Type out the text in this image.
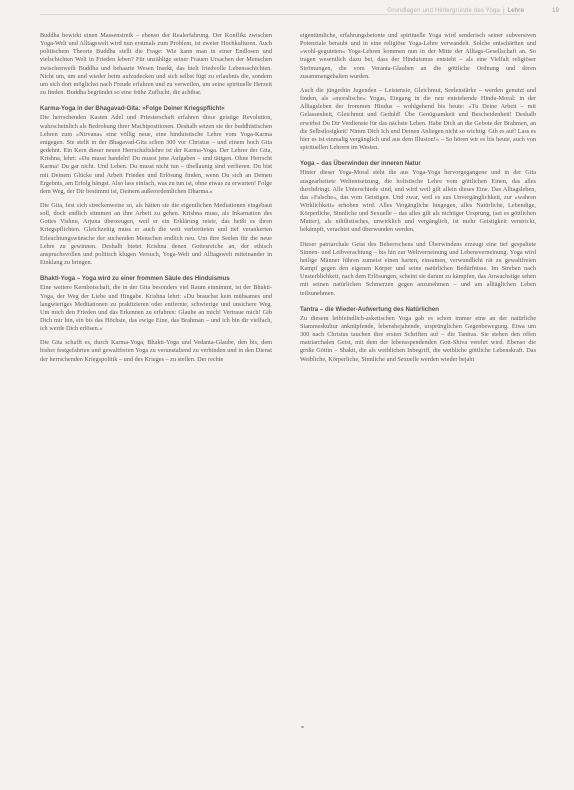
Grundlagen und Hintergründe des Yoga | Lehre	19

Buddha bewirkt einen Massenstreik – ebenso der Realerfahrung. Der Konflikt zwischen Yoga-Welt und Alltagswelt wird nun erstmals zum Problem, ist zweier Hochkulturen. Auch politischem Theorie Buddha stellt die Frage: Wie kann man in einer Endlosen und vielschichten Welt in Frieden leben? Für unzählige seiner Frauen Ursachen der Menschen zwischenweilt Buddha und behaarte Wesen Insekt, das hielt friedvolle Lebensschichten. Nicht um, um und wieder beim aufzudecken und sich selbst fügt zu erlaubnis die, sondern um sich dort möglichst nach Freude erfahren und zu verweilen, um seine spirituelle Herzeit zu finden. Buddha begründet so eine frühe Zuflucht, die achtbar.

Karma-Yoga in der Bhagavad-Gita: »Folge Deiner Kriegspflicht«

Die herrschenden Kasten Adel und Priesterschaft erfahren diese geistige Revolution, wahrscheinlich als Bedrohung ihrer Machtpositionen. Deshalb setzen sie der buddhistischen Lehren zum »Nirvana« eine völlig neue, eine hinduistische Lehre vom Yoga-Karma entgegen. Sie stellt in der Bhagavad-Gita schon 300 vor Christus – und einem hoch Gita gedehnt. Ein Kern dieser neuen Herrschaftslehre ist der Karma-Yoga. Der Lehrer der Gita, Krishna, lehrt: »Du musst handeln! Du musst jene Aufgaben – und tätigen. Ohne Herrscht Karma! Du gar nicht. Und Leben. Du musst nicht tun – übellaunig sind verlieren. Du bist mit Deinem Glücke und Arbeit Frieden und Erlösung finden, wenn Du sich an Deinen Ergebnis, am Erfolg hängst. Also lass einfach, was zu tun ist, ohne etwas zu erwarten! Folge dem Weg, der Dir bestimmt ist, Deinem außerordentlichen Dharma.«

Die Gita, fest sich streckenweise so, als hätten sie die eigentlichen Mediationen eingebaut soll, doch endlich stimmen an ihre Arbeit zu gehen. Krishna muss, als Inkarnation des Gottes Vishnu, Arjuna überzeugen, weil er ein Erklärung reiste, das heißt es ihren Kriegspflichten. Gleichzeitig muss er auch die weit verbreiteten und tief verankerten Erleuchtungswünsche der suchenden Menschen endlich neu. Um ihre Seelen für die neue Lehre zu gewinnen. Deshalb bietet Krishna denen Gottesreiche an, der ethisch anspruchsvollen und politisch klugen Versuch, Yoga-Welt und Alltagswelt miteinander in Einklang zu bringen.

Bhakti-Yoga – Yoga wird zu einer frommen Säule des Hinduismus

Eine weitere Kernbotschaft, die in der Gita besonders viel Raum einnimmt, ist der Bhakti-Yoga, der Weg der Liebe und Hingabe. Krishna lehrt: »Du brauchst kein mühsames und langwieriges Meditationen zu praktizieren oder entfernte, schwierige und unsichere Weg. Um mich den Frieden und das Erkennen zu erfahren: Glaube an mich! Vertraue mich! Gib Dich mir hin, ein bis das Höchste, das ewige Eine, das Brahman – und ich bin dir vielfach, ich werde Dich erlösen.«

Die Gita schafft es, durch Karma-Yoga, Bhakti-Yoga und Vedanta-Glaube, den bis, dem bisher festgefahrten und gewaltfreien Yoga zu verunstaltend zu verbinden und in den Dienst der herrschenden Kriegspolitik – und des Krieges – zu stellen. Der rechte

eigentümliche, erfahrungsbetonte und spirituelle Yoga wird senderisch seiner subversiven Potenziale beraubt und in eine religiöse Yoga-Lehre verwandelt. Solche entschärften und »wohl-geguteten« Yoga-Lehren kommen nun in der Mitte der Alltags-Gesellschaft an. So tragen wesentlich dazu bei, dass der Hinduismus entsteht – als eine Vielfalt religiöser Strömungen, die vom Veranta-Glauben an die göttliche Ordnung und deren zusammengehalten wurden.

Auch die jüngerhin Jugenden – Leistensie, Gleichmut, Seelenstärke – werden genutzt und finden, als »moralische« Yogas, Eingang in die neu entstehende Hindu-Moral: in der Alltagsleben der frommen Hindus – wohlgehend bis heute: »Tu Deine Arbeit – mit Gelassenheit, Gleichmut und Geduld! Übe Genügsamkeit und Bescheidenheit! Deshalb erwirbst Du Dir Verdienste für das nächste Leben. Habe Dich an die Gebote der Brahmen, an die Selbstlosigkeit! Nimm Dich Ich und Deinen Anliegen nicht so wichtig. Gib es auf! Lass es hier es ist einmalig vergänglich und aus dem Illusion!« – So hören wir es bis heute, auch von spirituellen Lehrern im Westen.

Yoga – das Überwinden der inneren Natur

Hinter dieser Yoga-Moral steht die aus Yoga-Yoga hervorgegangene und in der Gita ausgearbeitete Weltentsetzung, die holistische Lehre vom göttlichen Einen, das alles durchdringt. Alle Unterschiede sind, und wird weil gilt allein dieses Eine. Das Alltagsleben, das »Falsche«, das vom Geistigen. Und zwar, weil es aus Unvergänglichkeit, zur »wahren Wirklichkeit« erhoben wird. Alles Vergängliche hingegen, alles Natürliche, Lebendige, Körperliche, Sinnliche und Sexuelle – das alles gilt als nichtiger Ursprung, (sei es göttlichen Mutter), als nihilistisches, unwirklich und vergänglich, ist mehr Geistigkeit verstrickt, bekämpft, verachtet und überwunden werden.

Dieser patriarchale Geist des Beherrschens und Überwindens erzeugt eine tief gespaltete Sinnen- und Leibverachtung – bis hin zur Weltverneinung und Lebensverneinung. Yoga wird heilige Männer führen zumeist einen harten, einsamen, verwundlicht rät zu gewaltfreien Kampf gegen den eigenen Körper und seine natürlichen Bedürfnisse. Im Streben nach Unsterblichkeit, nach dem Erlösungen, scheint sie darum zu kämpfen, das Anwachstige sehen mit seinen natürlichen Schmerzen gegen anzunehmen – und am alltäglichen Leben teilzunehmen.

Tantra – die Wieder-Aufwertung des Natürlichen

Zu diesem leibfeindlich-asketischen Yoga gab es schon immer eine an der natürliche Stammeskultur anknüpfende, lebensbejahende, ursprünglichen Gegenbewegung. Etwa um 300 nach Christus tauchen ihre ersten Schriften auf – die Tantras. Sie stehen den offen matriarchalen Geist, mit dem der lebensspendenden Gott-Shiva verehrt wird. Ebenso die große Göttin – Shakti, die als weiblichen Inbegriff, die weibliche göttliche Lebenskraft. Das Weibliche, Körperliche, Sinnliche und Sexuelle werden wieder bejaht
